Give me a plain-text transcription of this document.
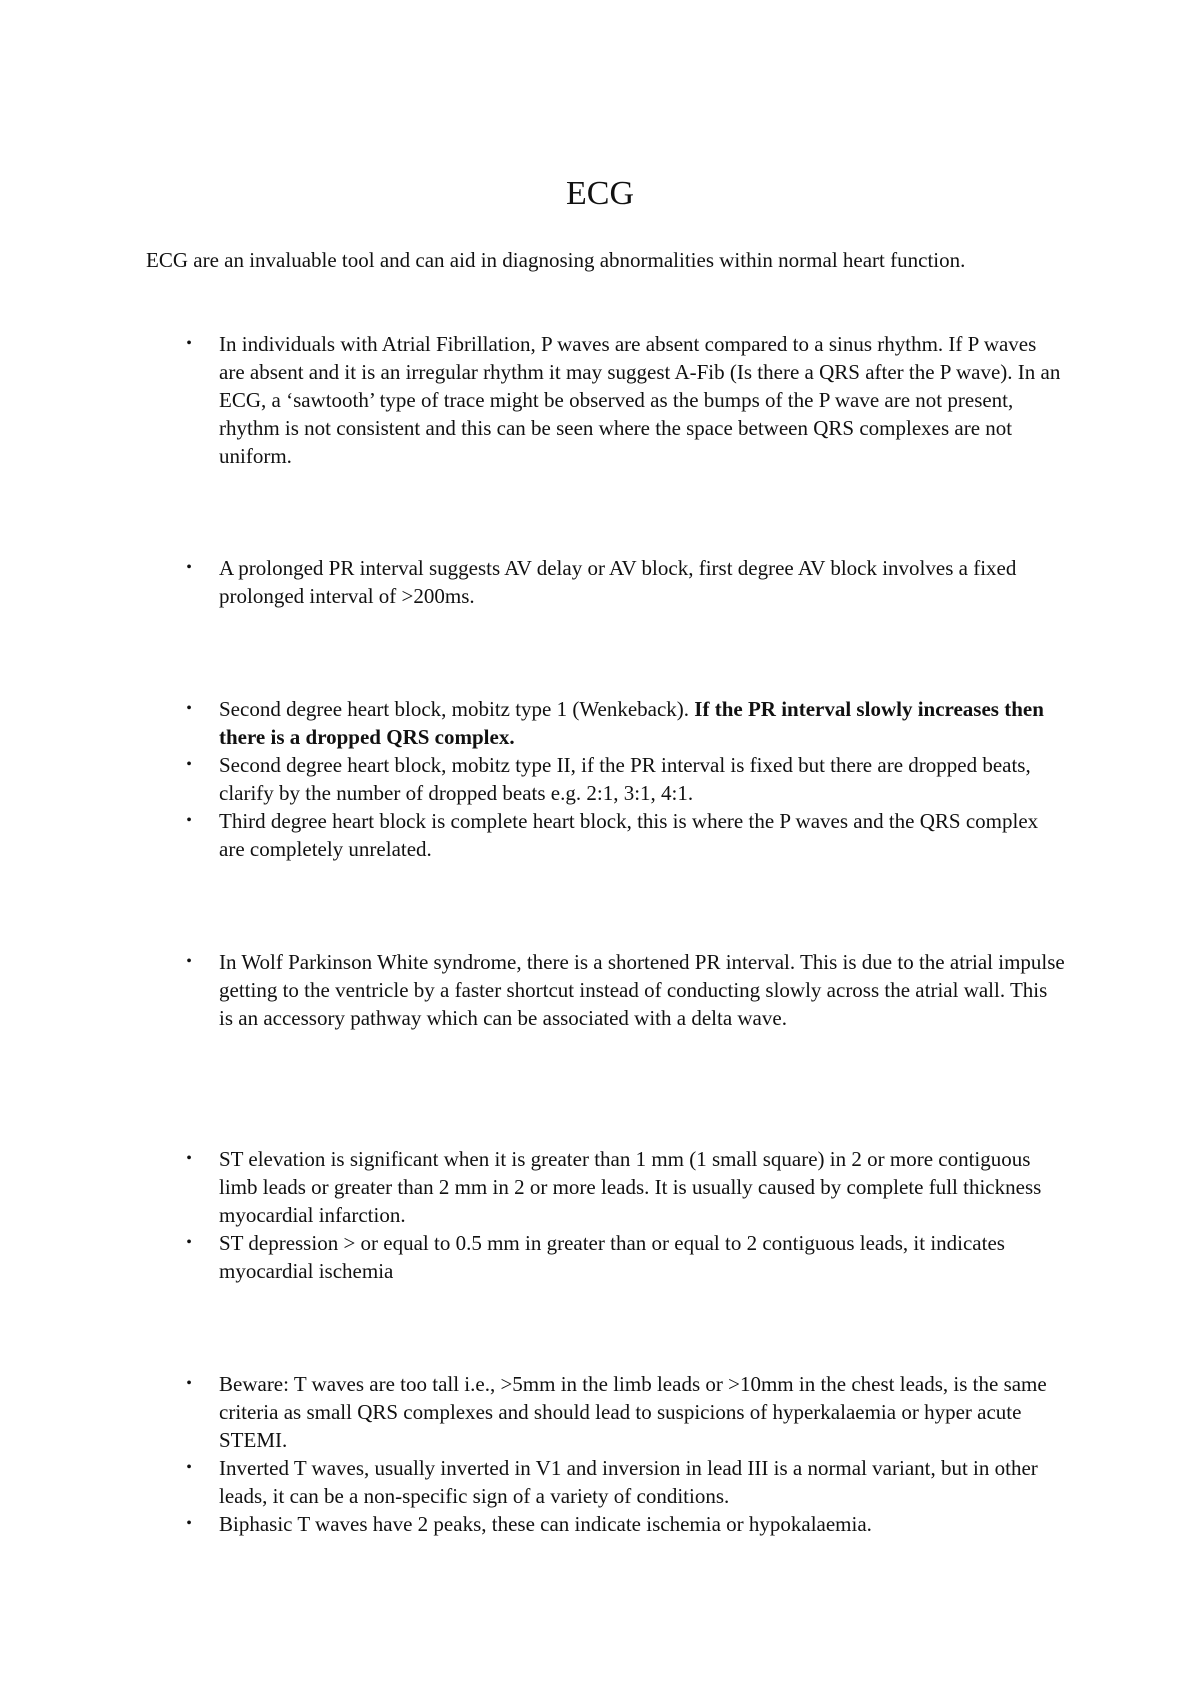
ECG

ECG are an invaluable tool and can aid in diagnosing abnormalities within normal heart function.

• In individuals with Atrial Fibrillation, P waves are absent compared to a sinus rhythm. If P waves are absent and it is an irregular rhythm it may suggest A-Fib (Is there a QRS after the P wave). In an ECG, a ‘sawtooth’ type of trace might be observed as the bumps of the P wave are not present, rhythm is not consistent and this can be seen where the space between QRS complexes are not uniform.
• A prolonged PR interval suggests AV delay or AV block, first degree AV block involves a fixed prolonged interval of >200ms.
• Second degree heart block, mobitz type 1 (Wenkeback). If the PR interval slowly increases then there is a dropped QRS complex.
• Second degree heart block, mobitz type II, if the PR interval is fixed but there are dropped beats, clarify by the number of dropped beats e.g. 2:1, 3:1, 4:1.
• Third degree heart block is complete heart block, this is where the P waves and the QRS complex are completely unrelated.
• In Wolf Parkinson White syndrome, there is a shortened PR interval. This is due to the atrial impulse getting to the ventricle by a faster shortcut instead of conducting slowly across the atrial wall. This is an accessory pathway which can be associated with a delta wave.
• ST elevation is significant when it is greater than 1 mm (1 small square) in 2 or more contiguous limb leads or greater than 2 mm in 2 or more leads. It is usually caused by complete full thickness myocardial infarction.
• ST depression > or equal to 0.5 mm in greater than or equal to 2 contiguous leads, it indicates myocardial ischemia
• Beware: T waves are too tall i.e., >5mm in the limb leads or >10mm in the chest leads, is the same criteria as small QRS complexes and should lead to suspicions of hyperkalaemia or hyper acute STEMI.
• Inverted T waves, usually inverted in V1 and inversion in lead III is a normal variant, but in other leads, it can be a non-specific sign of a variety of conditions.
• Biphasic T waves have 2 peaks, these can indicate ischemia or hypokalaemia.
